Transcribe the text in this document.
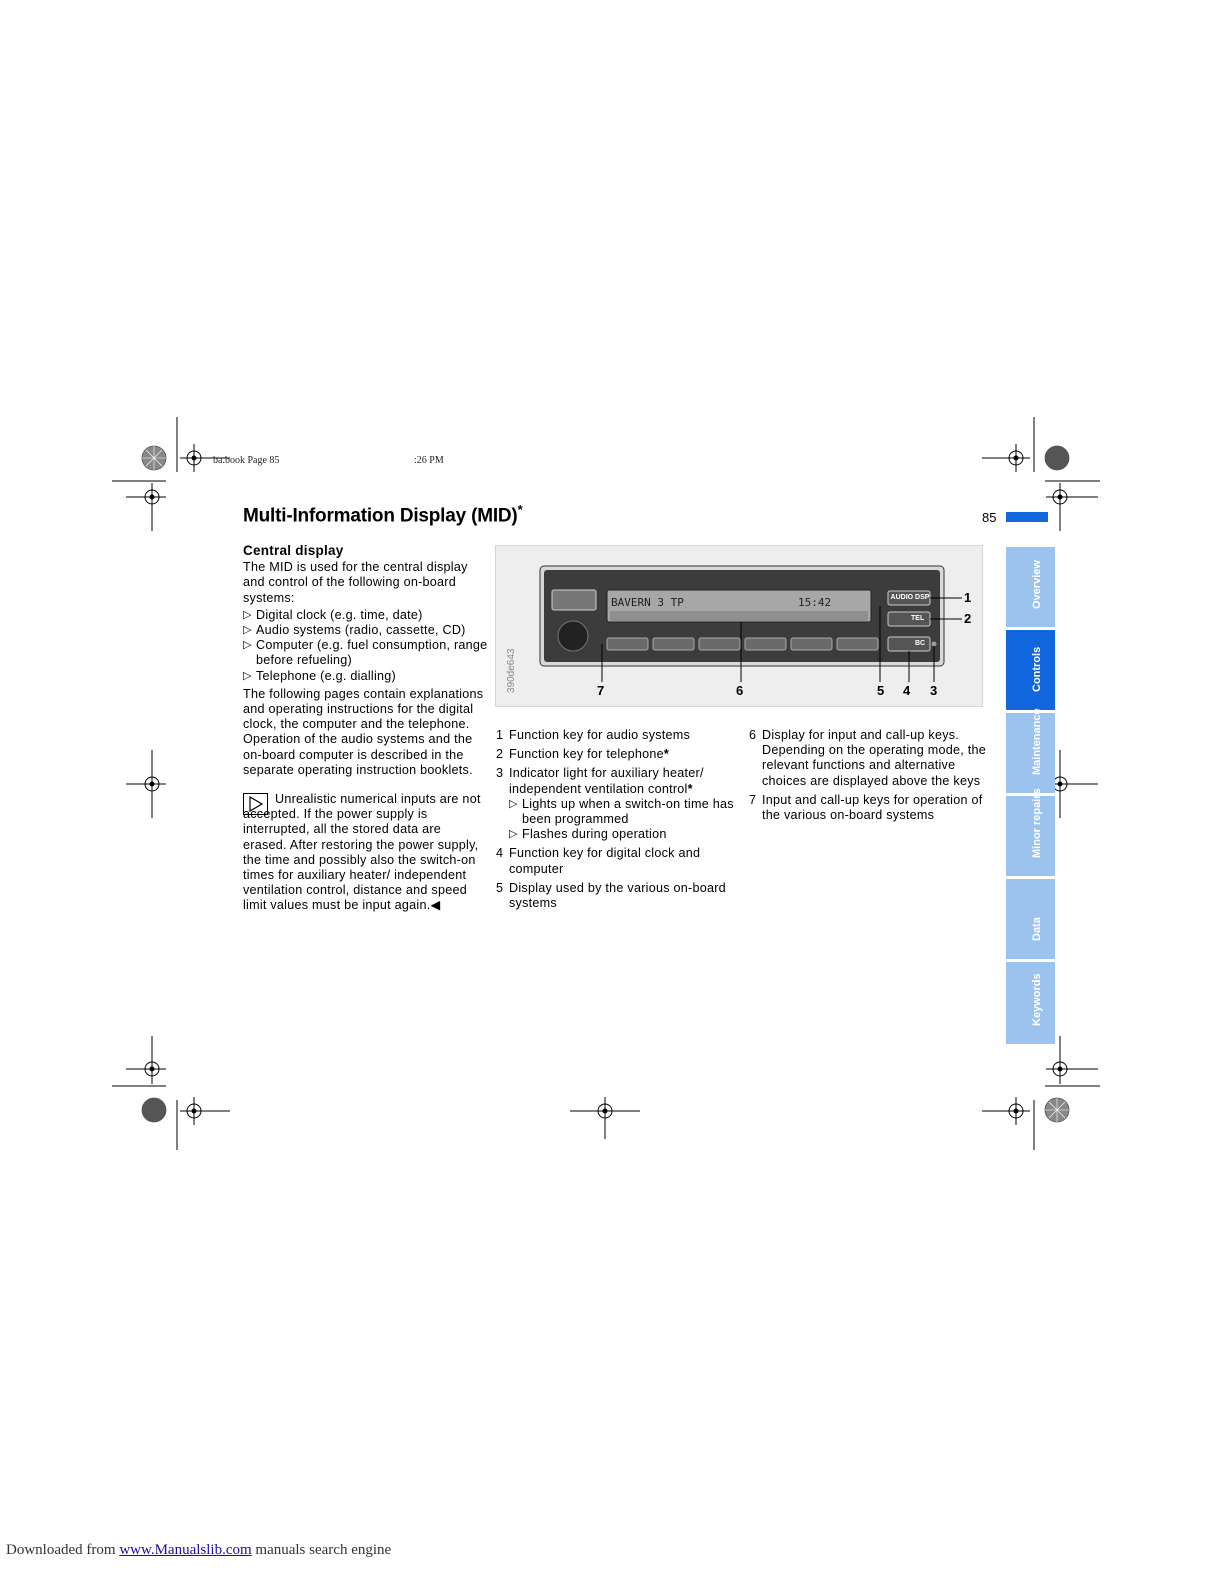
ba.book Page 85	:26 PM
Multi-Information Display (MID)*
85
Central display

The MID is used for the central display and control of the following on-board systems:

▷ Digital clock (e.g. time, date)
▷ Audio systems (radio, cassette, CD)
▷ Computer (e.g. fuel consumption, range before refueling)
▷ Telephone (e.g. dialling)

The following pages contain explanations and operating instructions for the digital clock, the computer and the telephone. Operation of the audio systems and the on-board computer is described in the separate operating instruction booklets.

Unrealistic numerical inputs are not accepted. If the power supply is interrupted, all the stored data are erased. After restoring the power supply, the time and possibly also the switch-on times for auxiliary heater/ independent ventilation control, distance and speed limit values must be input again.◀

BAVERN 3 TP	15:42	AUDIO DSP
TEL
BC
390de643
1
2
3
4
5
6
7
1 Function key for audio systems
2 Function key for telephone*
3 Indicator light for auxiliary heater/ independent ventilation control*
▷ Lights up when a switch-on time has been programmed
▷ Flashes during operation
4 Function key for digital clock and computer
5 Display used by the various on-board systems
6 Display for input and call-up keys. Depending on the operating mode, the relevant functions and alternative choices are displayed above the keys
7 Input and call-up keys for operation of the various on-board systems
Overview
Controls
Maintenance
Minor repairs
Data
Keywords
Downloaded from www.Manualslib.com manuals search engine
